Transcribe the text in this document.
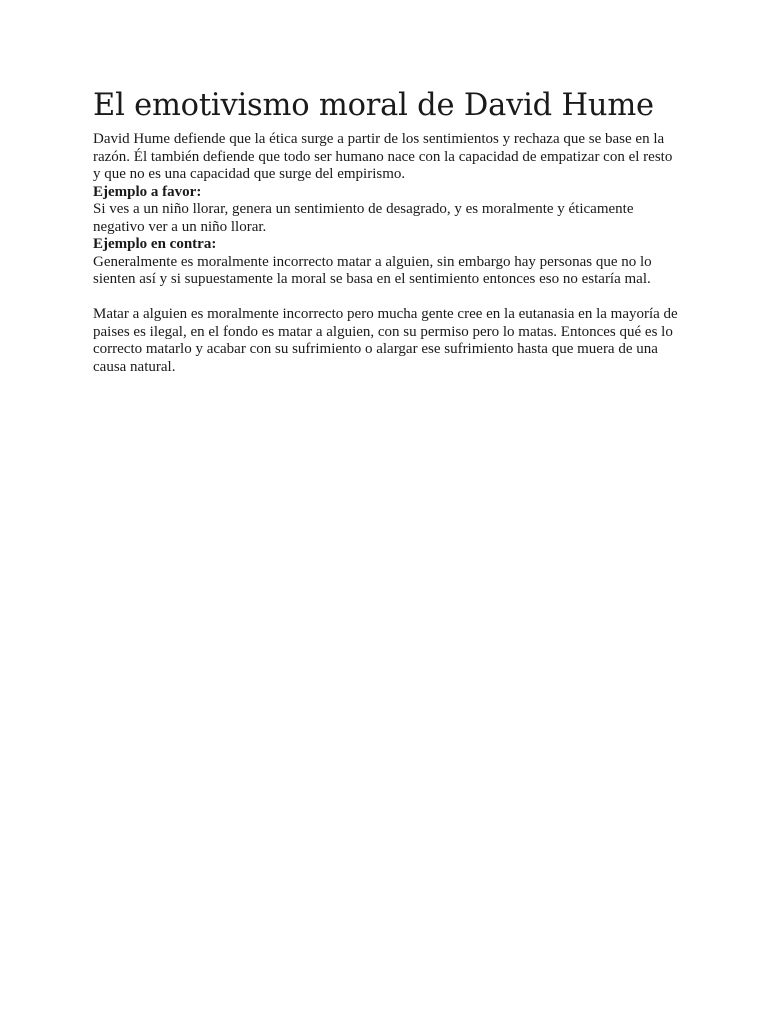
El emotivismo moral de David Hume

David Hume defiende que la ética surge a partir de los sentimientos y rechaza que se base en la razón. Él también defiende que todo ser humano nace con la capacidad de empatizar con el resto y que no es una capacidad que surge del empirismo.

Ejemplo a favor:

Si ves a un niño llorar, genera un sentimiento de desagrado, y es moralmente y éticamente negativo ver a un niño llorar.

Ejemplo en contra:

Generalmente es moralmente incorrecto matar a alguien, sin embargo hay personas que no lo sienten así y si supuestamente la moral se basa en el sentimiento entonces eso no estaría mal.

Matar a alguien es moralmente incorrecto pero mucha gente cree en la eutanasia en la mayoría de paises es ilegal, en el fondo es matar a alguien, con su permiso pero lo matas. Entonces qué es lo correcto matarlo y acabar con su sufrimiento o alargar ese sufrimiento hasta que muera de una causa natural.
